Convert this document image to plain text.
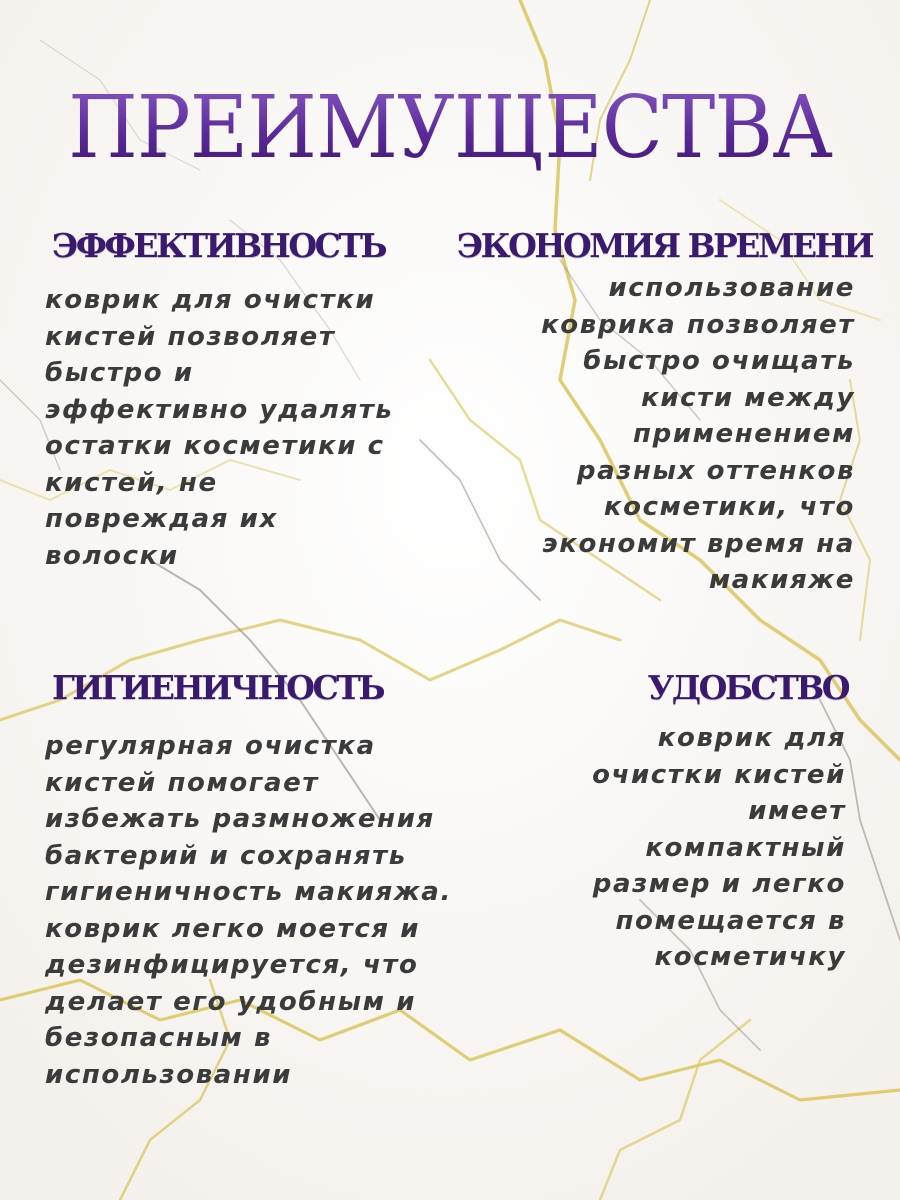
ПРЕИМУЩЕСТВА
ЭФФЕКТИВНОСТЬ
коврик для очистки
кистей позволяет
быстро и
эффективно удалять
остатки косметики с
кистей, не
повреждая их
волоски
ЭКОНОМИЯ ВРЕМЕНИ
использование
коврика позволяет
быстро очищать
кисти между
применением
разных оттенков
косметики, что
экономит время на
макияже
ГИГИЕНИЧНОСТЬ
регулярная очистка
кистей помогает
избежать размножения
бактерий и сохранять
гигиеничность макияжа.
коврик легко моется и
дезинфицируется, что
делает его удобным и
безопасным в
использовании
УДОБСТВО
коврик для
очистки кистей
имеет
компактный
размер и легко
помещается в
косметичку
